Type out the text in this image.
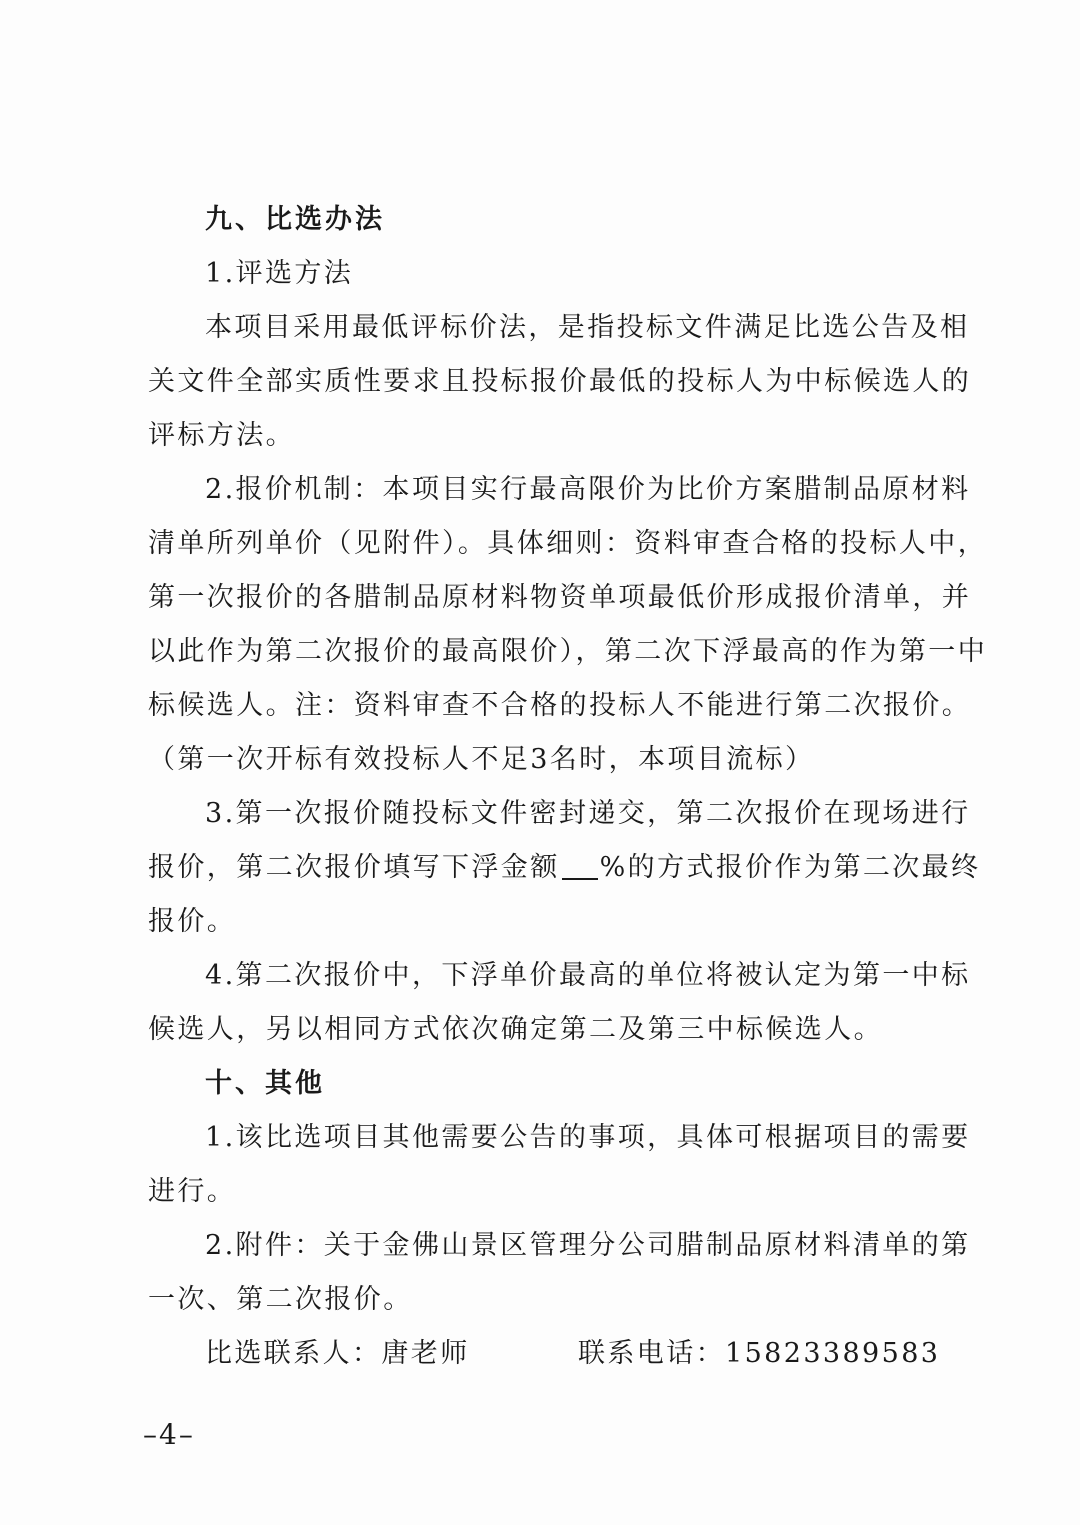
九、比选办法
1.评选方法
本项目采用最低评标价法，是指投标文件满足比选公告及相
关文件全部实质性要求且投标报价最低的投标人为中标候选人的
评标方法。
2.报价机制：本项目实行最高限价为比价方案腊制品原材料
清单所列单价（见附件）。具体细则：资料审查合格的投标人中，
第一次报价的各腊制品原材料物资单项最低价形成报价清单，并
以此作为第二次报价的最高限价），第二次下浮最高的作为第一中
标候选人。注：资料审查不合格的投标人不能进行第二次报价。
（第一次开标有效投标人不足3名时，本项目流标）
3.第一次报价随投标文件密封递交，第二次报价在现场进行
报价，第二次报价填写下浮金额 %的方式报价作为第二次最终
报价。
4.第二次报价中，下浮单价最高的单位将被认定为第一中标
候选人，另以相同方式依次确定第二及第三中标候选人。
十、其他
1.该比选项目其他需要公告的事项，具体可根据项目的需要
进行。
2.附件：关于金佛山景区管理分公司腊制品原材料清单的第
一次、第二次报价。
比选联系人：唐老师	联系电话：15823389583
–4–
